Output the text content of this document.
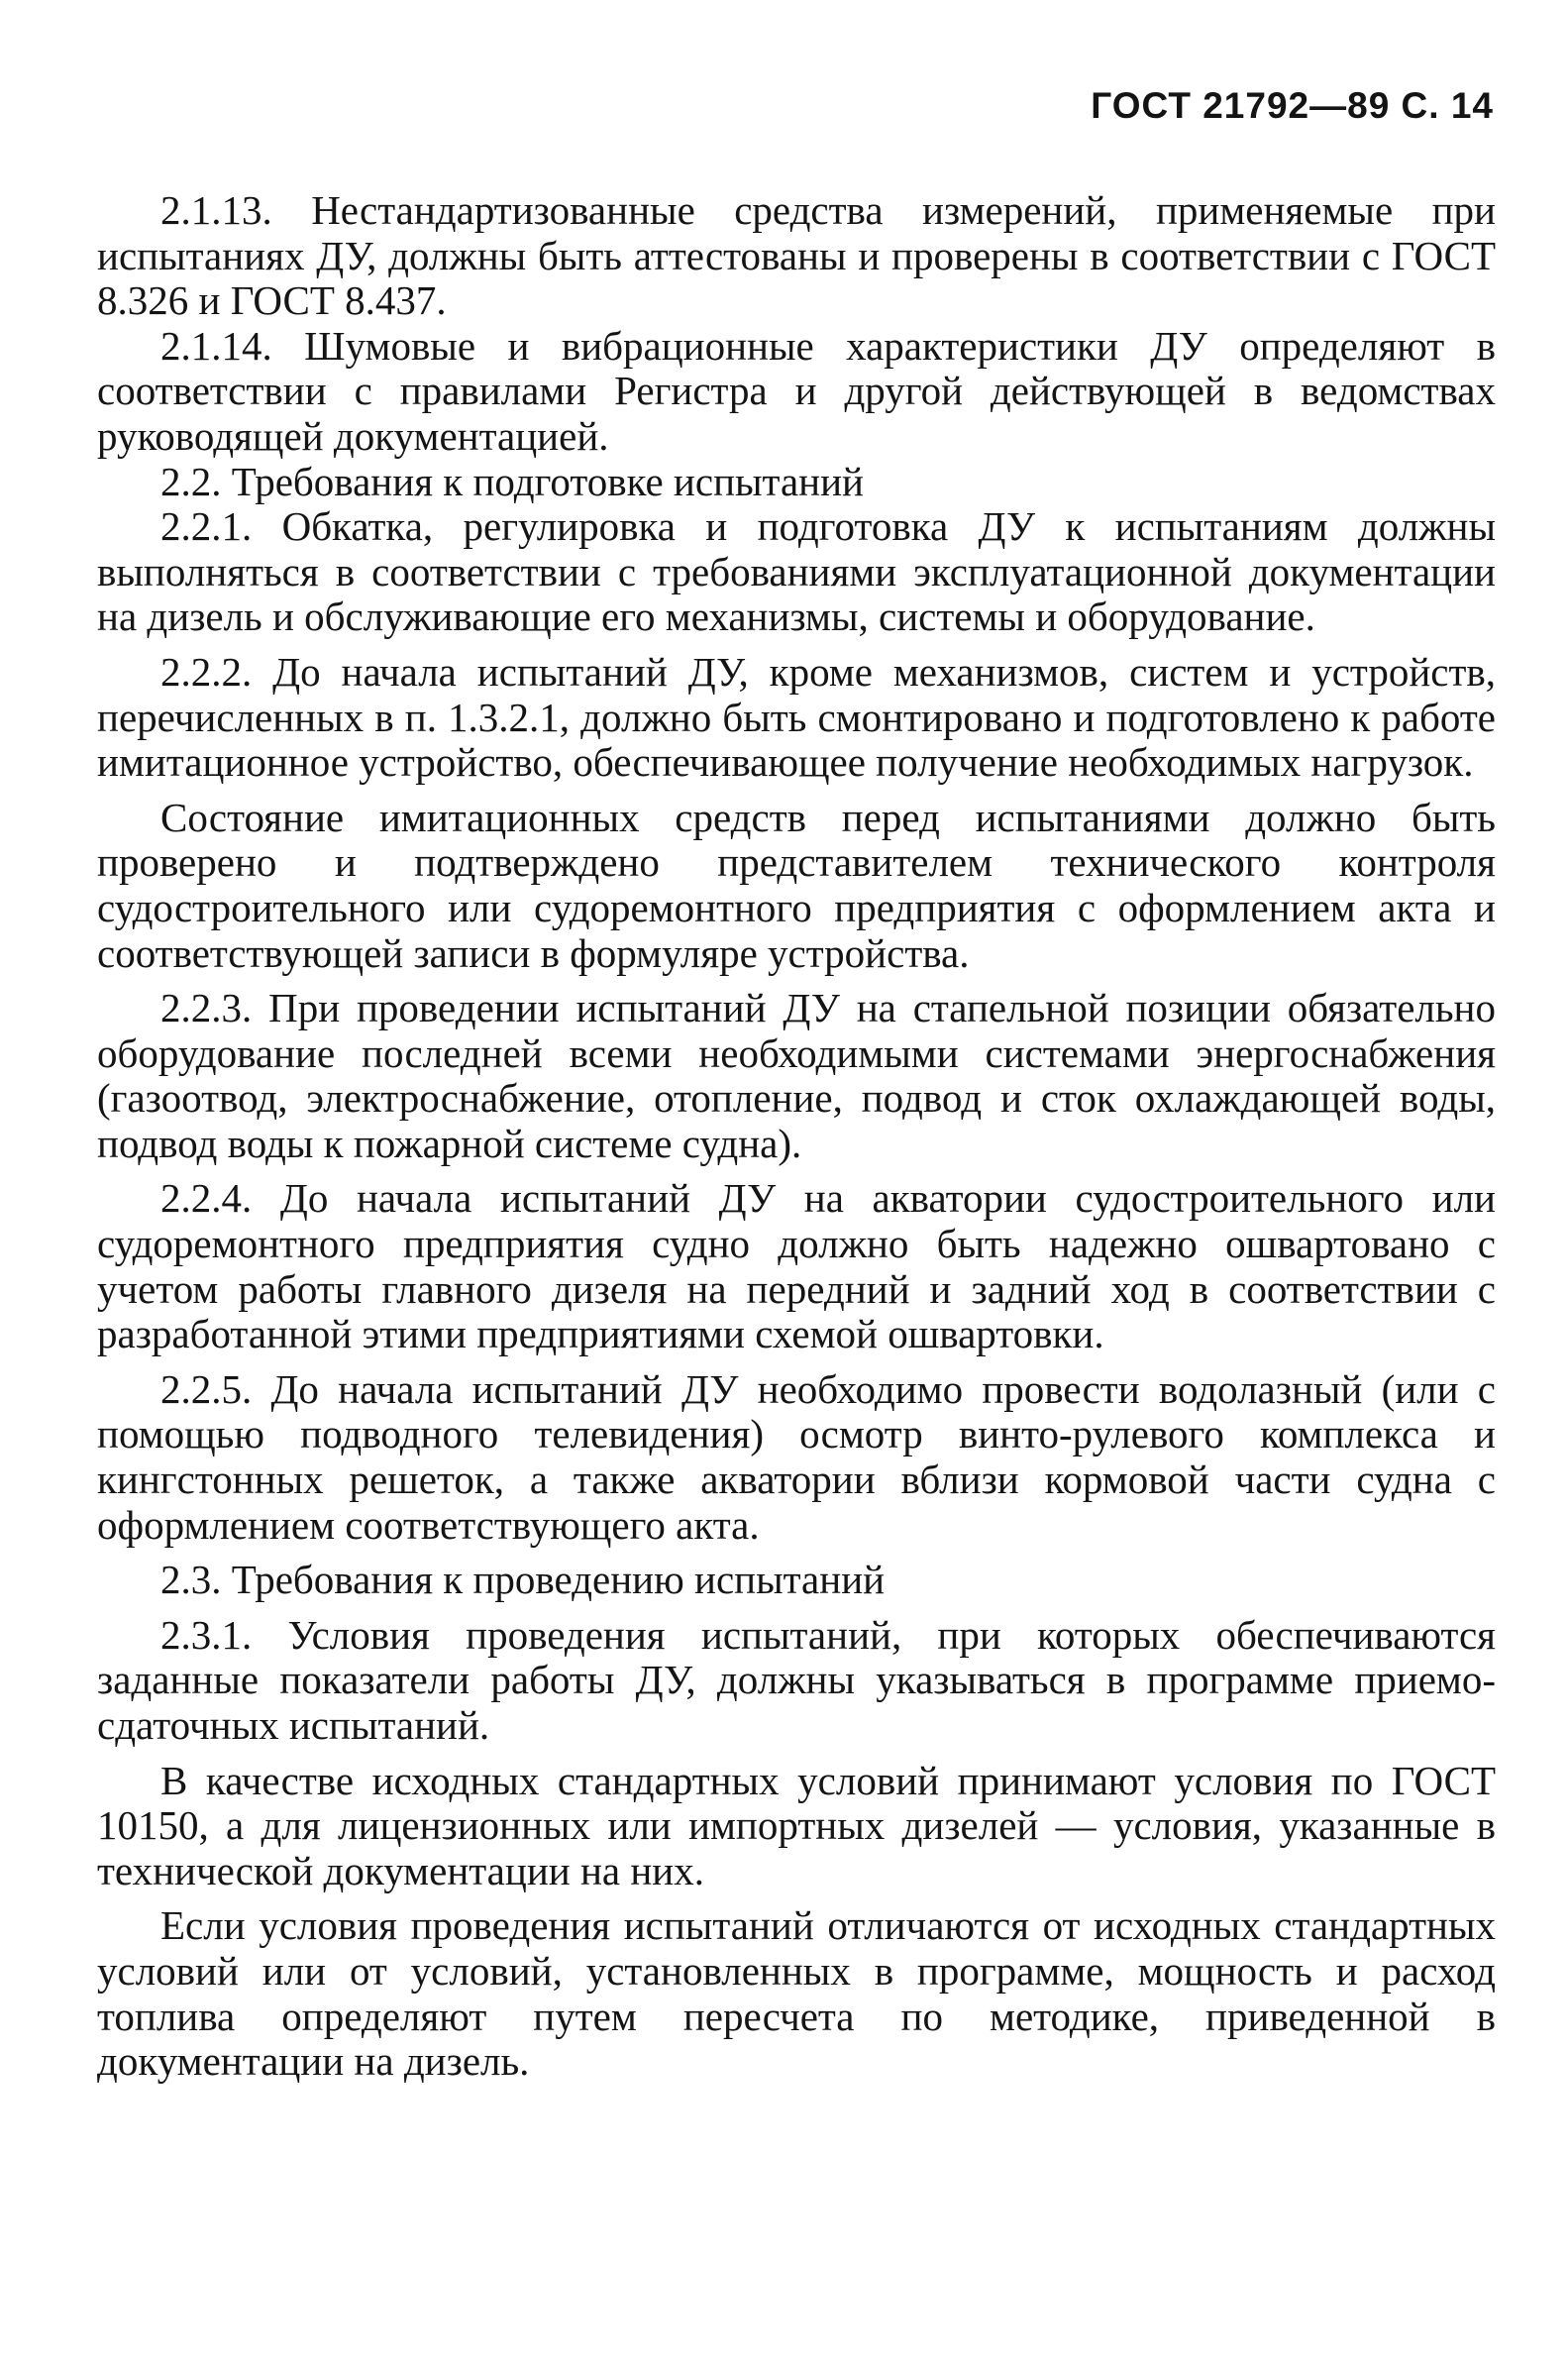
ГОСТ 21792—89 С. 14

2.1.13. Нестандартизованные средства измерений, применяемые при испытаниях ДУ, должны быть аттестованы и проверены в соответствии с ГОСТ 8.326 и ГОСТ 8.437.

2.1.14. Шумовые и вибрационные характеристики ДУ определяют в соответствии с правилами Регистра и другой действующей в ведомствах руководящей документацией.

2.2. Требования к подготовке испытаний

2.2.1. Обкатка, регулировка и подготовка ДУ к испытаниям должны выполняться в соответствии с требованиями эксплуатационной документации на дизель и обслуживающие его механизмы, системы и оборудование.

2.2.2. До начала испытаний ДУ, кроме механизмов, систем и устройств, перечисленных в п. 1.3.2.1, должно быть смонтировано и подготовлено к работе имитационное устройство, обеспечивающее получение необходимых нагрузок.

Состояние имитационных средств перед испытаниями должно быть проверено и подтверждено представителем технического контроля судостроительного или судоремонтного предприятия с оформлением акта и соответствующей записи в формуляре устройства.

2.2.3. При проведении испытаний ДУ на стапельной позиции обязательно оборудование последней всеми необходимыми системами энергоснабжения (газоотвод, электроснабжение, отопление, подвод и сток охлаждающей воды, подвод воды к пожарной системе судна).

2.2.4. До начала испытаний ДУ на акватории судостроительного или судоремонтного предприятия судно должно быть надежно ошвартовано с учетом работы главного дизеля на передний и задний ход в соответствии с разработанной этими предприятиями схемой ошвартовки.

2.2.5. До начала испытаний ДУ необходимо провести водолазный (или с помощью подводного телевидения) осмотр винто-рулевого комплекса и кингстонных решеток, а также акватории вблизи кормовой части судна с оформлением соответствующего акта.

2.3. Требования к проведению испытаний

2.3.1. Условия проведения испытаний, при которых обеспечиваются заданные показатели работы ДУ, должны указываться в программе приемо-сдаточных испытаний.

В качестве исходных стандартных условий принимают условия по ГОСТ 10150, а для лицензионных или импортных дизелей — условия, указанные в технической документации на них.

Если условия проведения испытаний отличаются от исходных стандартных условий или от условий, установленных в программе, мощность и расход топлива определяют путем пересчета по методике, приведенной в документации на дизель.
